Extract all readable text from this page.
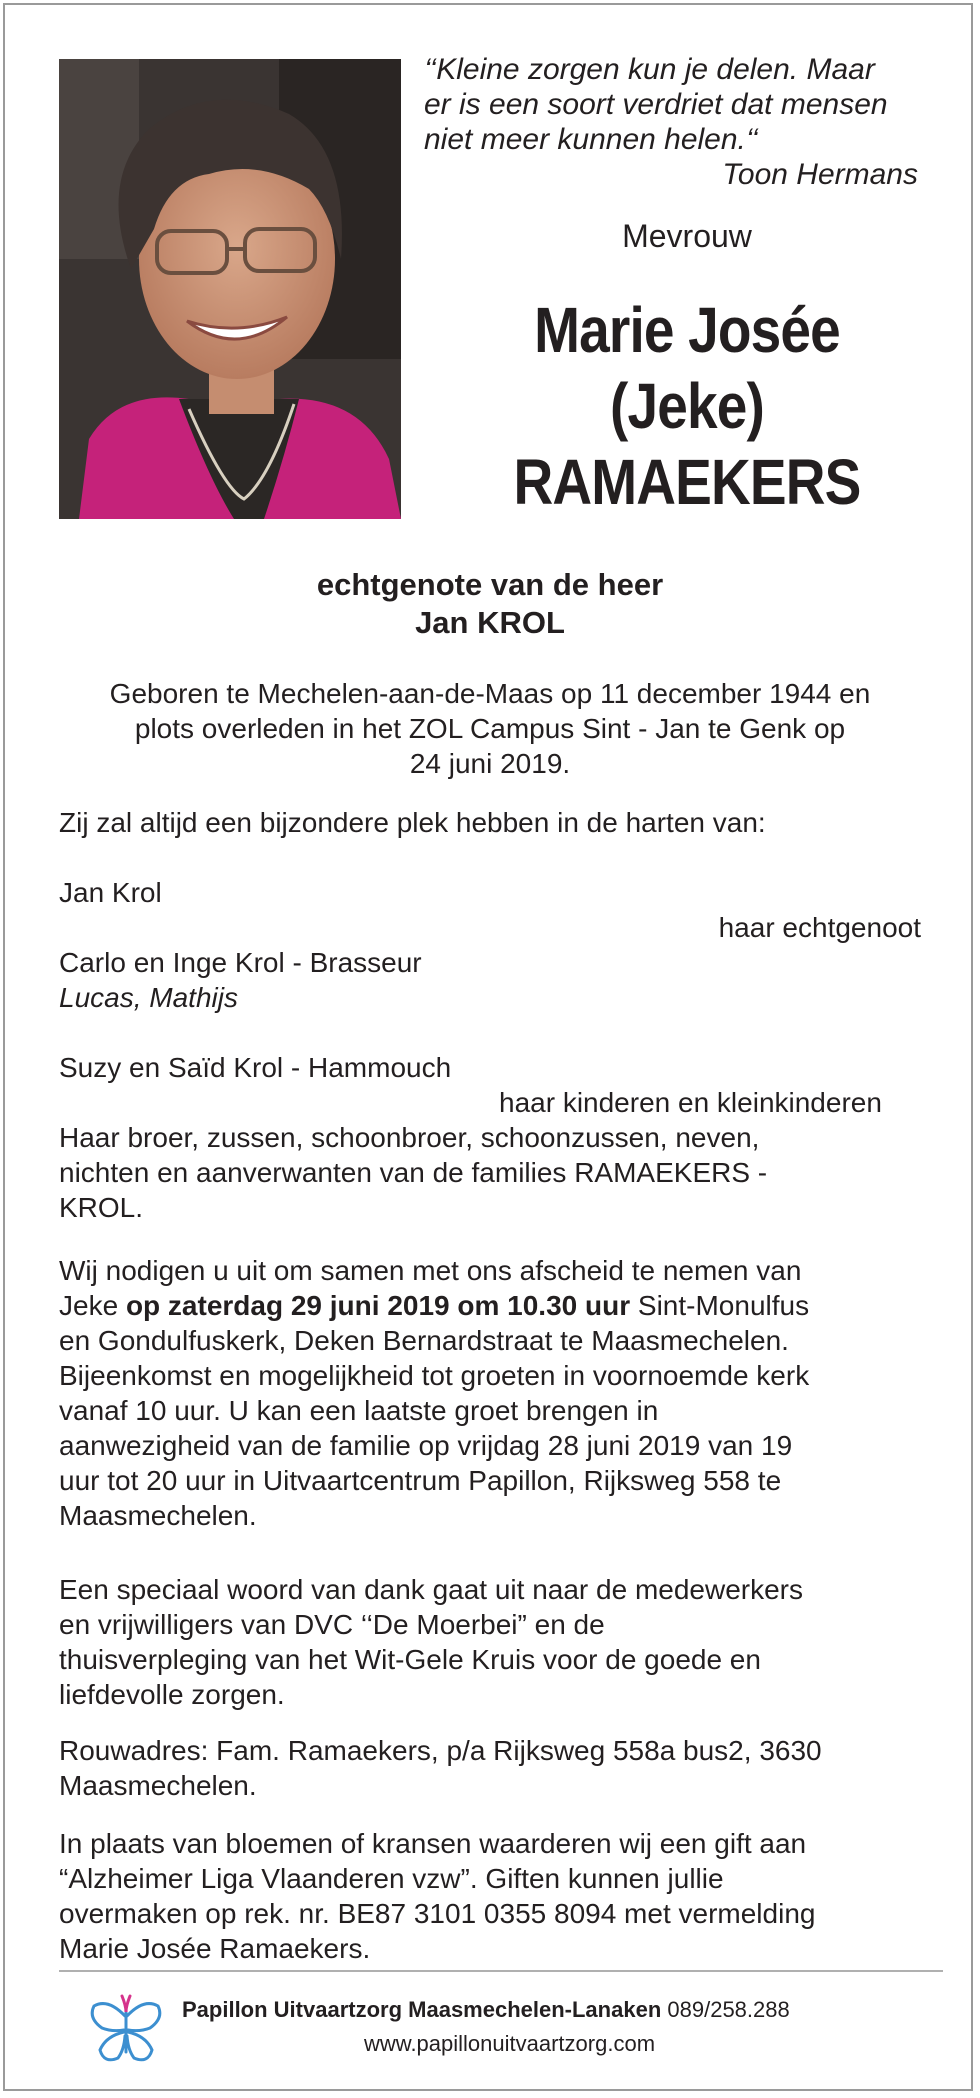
‘‘Kleine zorgen kun je delen. Maar
er is een soort verdriet dat mensen
niet meer kunnen helen.‘‘
Toon Hermans
Mevrouw
Marie Josée
(Jeke)
RAMAEKERS
echtgenote van de heer
Jan KROL
Geboren te Mechelen-aan-de-Maas op 11 december 1944 en
plots overleden in het ZOL Campus Sint - Jan te Genk op
24 juni 2019.
Zij zal altijd een bijzondere plek hebben in de harten van:
Jan Krol
haar echtgenoot
Carlo en Inge Krol - Brasseur
Lucas, Mathijs
Suzy en Saïd Krol - Hammouch
haar kinderen en kleinkinderen
Haar broer, zussen, schoonbroer, schoonzussen, neven,
nichten en aanverwanten van de families RAMAEKERS -
KROL.
Wij nodigen u uit om samen met ons afscheid te nemen van
Jeke op zaterdag 29 juni 2019 om 10.30 uur Sint-Monulfus
en Gondulfuskerk, Deken Bernardstraat te Maasmechelen.
Bijeenkomst en mogelijkheid tot groeten in voornoemde kerk
vanaf 10 uur. U kan een laatste groet brengen in
aanwezigheid van de familie op vrijdag 28 juni 2019 van 19
uur tot 20 uur in Uitvaartcentrum Papillon, Rijksweg 558 te
Maasmechelen.
Een speciaal woord van dank gaat uit naar de medewerkers
en vrijwilligers van DVC ‘‘De Moerbei” en de
thuisverpleging van het Wit-Gele Kruis voor de goede en
liefdevolle zorgen.
Rouwadres: Fam. Ramaekers, p/a Rijksweg 558a bus2, 3630
Maasmechelen.
In plaats van bloemen of kransen waarderen wij een gift aan
“Alzheimer Liga Vlaanderen vzw”. Giften kunnen jullie
overmaken op rek. nr. BE87 3101 0355 8094 met vermelding
Marie Josée Ramaekers.
Papillon Uitvaartzorg Maasmechelen-Lanaken 089/258.288
www.papillonuitvaartzorg.com
